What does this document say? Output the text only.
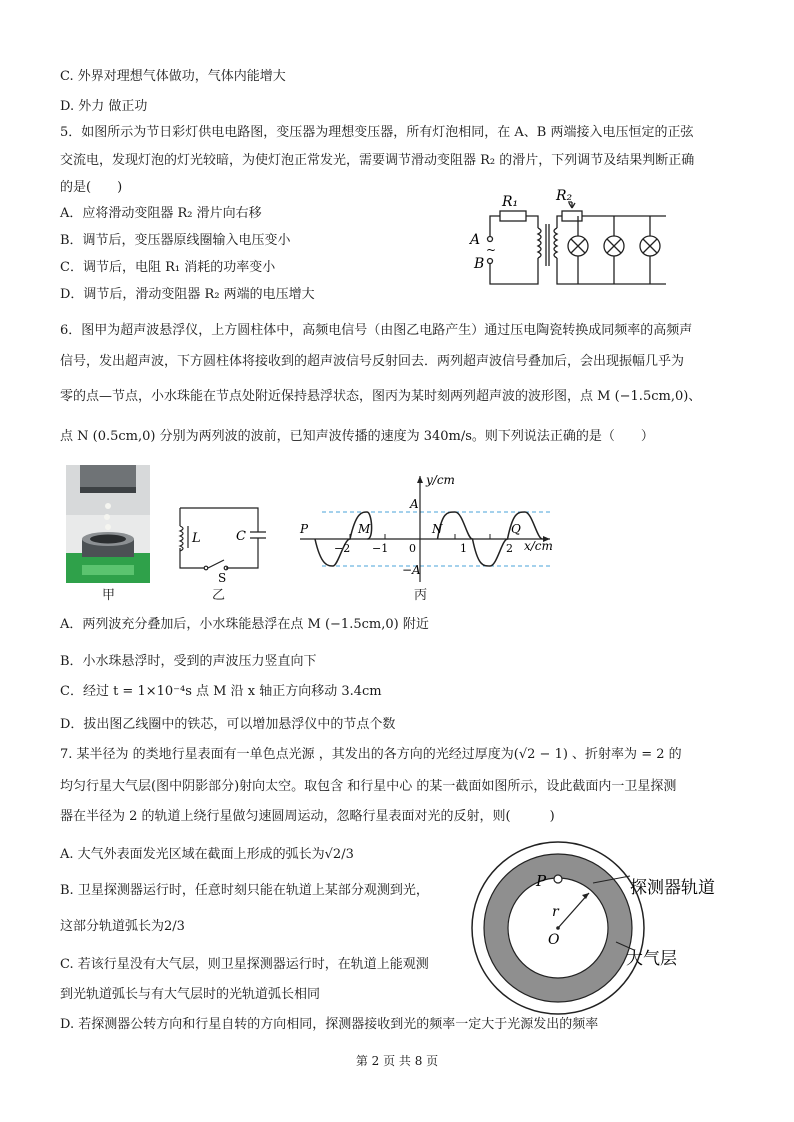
C. 外界对理想气体做功，气体内能增大
D. 外力 做正功
5．如图所示为节日彩灯供电电路图，变压器为理想变压器，所有灯泡相同，在 A、B 两端接入电压恒定的正弦
交流电，发现灯泡的灯光较暗，为使灯泡正常发光，需要调节滑动变阻器 R₂ 的滑片，下列调节及结果判断正确
的是(　　)
A．应将滑动变阻器 R₂ 滑片向右移
B．调节后，变压器原线圈输入电压变小
C．调节后，电阻 R₁ 消耗的功率变小
D．调节后，滑动变阻器 R₂ 两端的电压增大
6．图甲为超声波悬浮仪，上方圆柱体中，高频电信号（由图乙电路产生）通过压电陶瓷转换成同频率的高频声
信号，发出超声波，下方圆柱体将接收到的超声波信号反射回去．两列超声波信号叠加后，会出现振幅几乎为
零的点—节点，小水珠能在节点处附近保持悬浮状态，图丙为某时刻两列超声波的波形图，点 M (−1.5cm,0)、
点 N (0.5cm,0) 分别为两列波的波前，已知声波传播的速度为 340m/s。则下列说法正确的是（　　）
A．两列波充分叠加后，小水珠能悬浮在点 M (−1.5cm,0) 附近
B．小水珠悬浮时，受到的声波压力竖直向下
C．经过 t = 1×10⁻⁴s 点 M 沿 x 轴正方向移动 3.4cm
D．拔出图乙线圈中的铁芯，可以增加悬浮仪中的节点个数
7. 某半径为 的类地行星表面有一单色点光源 ，其发出的各方向的光经过厚度为(√2 − 1) 、折射率为 = 2 的
均匀行星大气层(图中阴影部分)射向太空。取包含 和行星中心 的某一截面如图所示，设此截面内一卫星探测
器在半径为 2 的轨道上绕行星做匀速圆周运动，忽略行星表面对光的反射，则(　　　)
A. 大气外表面发光区域在截面上形成的弧长为√2/3
B. 卫星探测器运行时，任意时刻只能在轨道上某部分观测到光，
这部分轨道弧长为2/3
C. 若该行星没有大气层，则卫星探测器运行时，在轨道上能观测
到光轨道弧长与有大气层时的光轨道弧长相同
D. 若探测器公转方向和行星自转的方向相同，探测器接收到光的频率一定大于光源发出的频率
R₁	R₂
A
~
B
甲
L	C
S
乙
y/cm
x/cm
A
−A
P	M	N	Q
−2 −1 0	1	2
丙
P
r
O
探测器轨道
大气层
第 2 页 共 8 页
